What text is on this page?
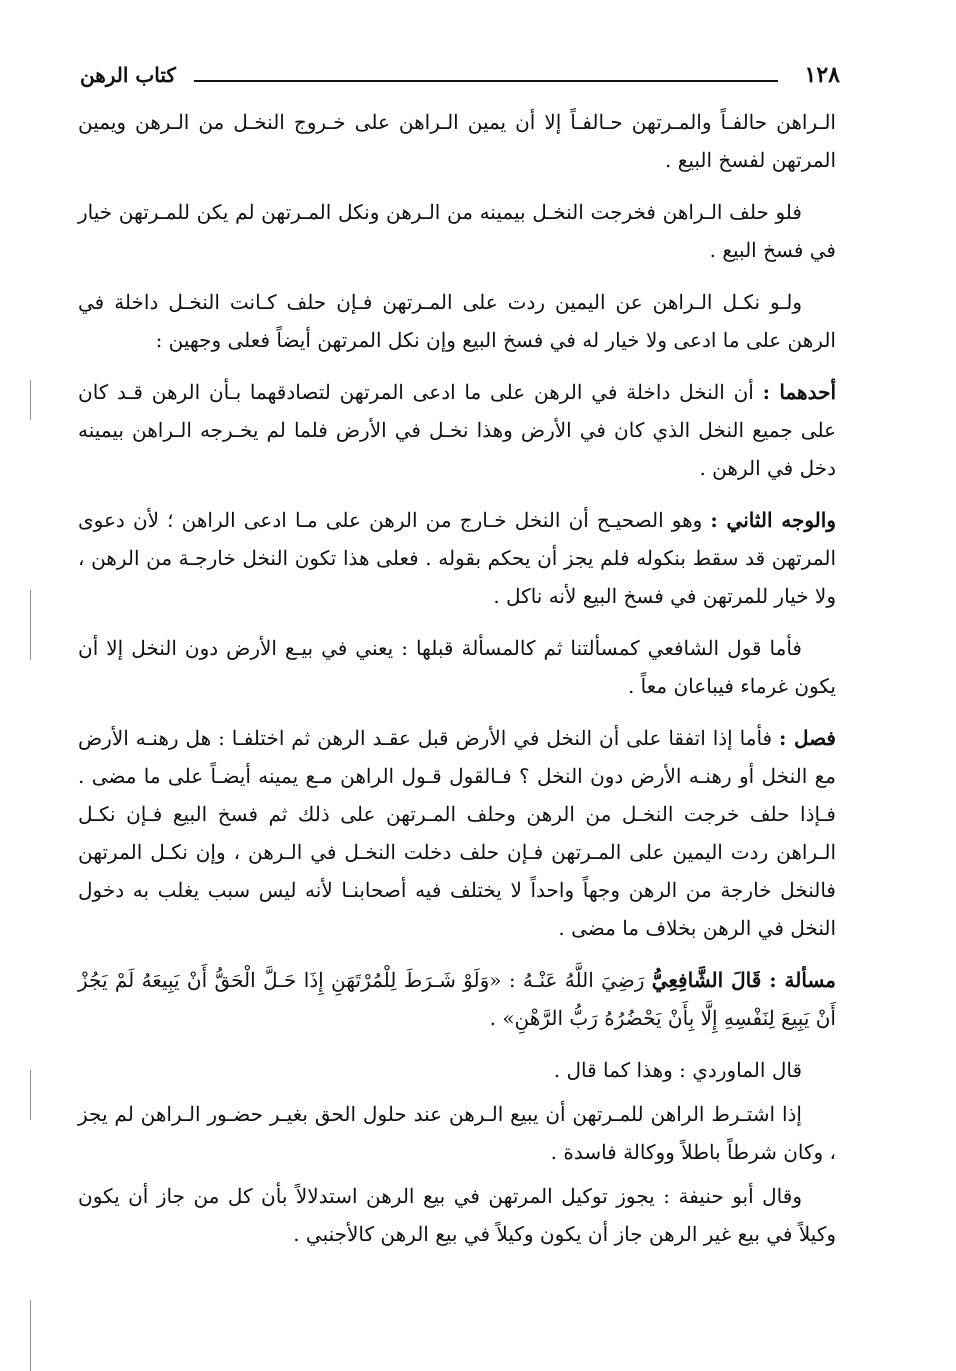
١٢٨
كتاب الرهن

الـراهن حالفـاً والمـرتهن حـالفـاً إلا أن يمين الـراهن على خـروج النخـل من الـرهن ويمين المرتهن لفسخ البيع .

فلو حلف الـراهن فخرجت النخـل بيمينه من الـرهن ونكل المـرتهن لم يكن للمـرتهن خيار في فسخ البيع .

ولـو نكـل الـراهن عن اليمين ردت على المـرتهن فـإن حلف كـانت النخـل داخلة في الرهن على ما ادعى ولا خيار له في فسخ البيع وإن نكل المرتهن أيضاً فعلى وجهين :

أحدهما : أن النخل داخلة في الرهن على ما ادعى المرتهن لتصادقهما بـأن الرهن قـد كان على جميع النخل الذي كان في الأرض وهذا نخـل في الأرض فلما لم يخـرجه الـراهن بيمينه دخل في الرهن .

والوجه الثاني : وهو الصحيـح أن النخل خـارج من الرهن على مـا ادعى الراهن ؛ لأن دعوى المرتهن قد سقط بنكوله فلم يجز أن يحكم بقوله . فعلى هذا تكون النخل خارجـة من الرهن ، ولا خيار للمرتهن في فسخ البيع لأنه ناكل .

فأما قول الشافعي كمسألتنا ثم كالمسألة قبلها : يعني في بيـع الأرض دون النخل إلا أن يكون غرماء فيباعان معاً .

فصل : فأما إذا اتفقا على أن النخل في الأرض قبل عقـد الرهن ثم اختلفـا : هل رهنـه الأرض مع النخل أو رهنـه الأرض دون النخل ؟ فـالقول قـول الراهن مـع يمينه أيضـاً على ما مضى . فـإذا حلف خرجت النخـل من الرهن وحلف المـرتهن على ذلك ثم فسخ البيع فـإن نكـل الـراهن ردت اليمين على المـرتهن فـإن حلف دخلت النخـل في الـرهن ، وإن نكـل المرتهن فالنخل خارجة من الرهن وجهاً واحداً لا يختلف فيه أصحابنـا لأنه ليس سبب يغلب به دخول النخل في الرهن بخلاف ما مضى .

مسألة : قَالَ الشَّافِعِيُّ رَضِيَ اللَّهُ عَنْـهُ : «وَلَوْ شَـرَطَ لِلْمُرْتَهَنِ إِذَا حَـلَّ الْحَقُّ أَنْ يَبِيعَهُ لَمْ يَجُزْ أَنْ يَبِيعَ لِنَفْسِهِ إِلَّا بِأَنْ يَحْضُرُهُ رَبُّ الرَّهْنِ» .

قال الماوردي : وهذا كما قال .

إذا اشتـرط الراهن للمـرتهن أن يبيع الـرهن عند حلول الحق بغيـر حضـور الـراهن لم يجز ، وكان شرطاً باطلاً ووكالة فاسدة .

وقال أبو حنيفة : يجوز توكيل المرتهن في بيع الرهن استدلالاً بأن كل من جاز أن يكون وكيلاً في بيع غير الرهن جاز أن يكون وكيلاً في بيع الرهن كالأجنبي .
